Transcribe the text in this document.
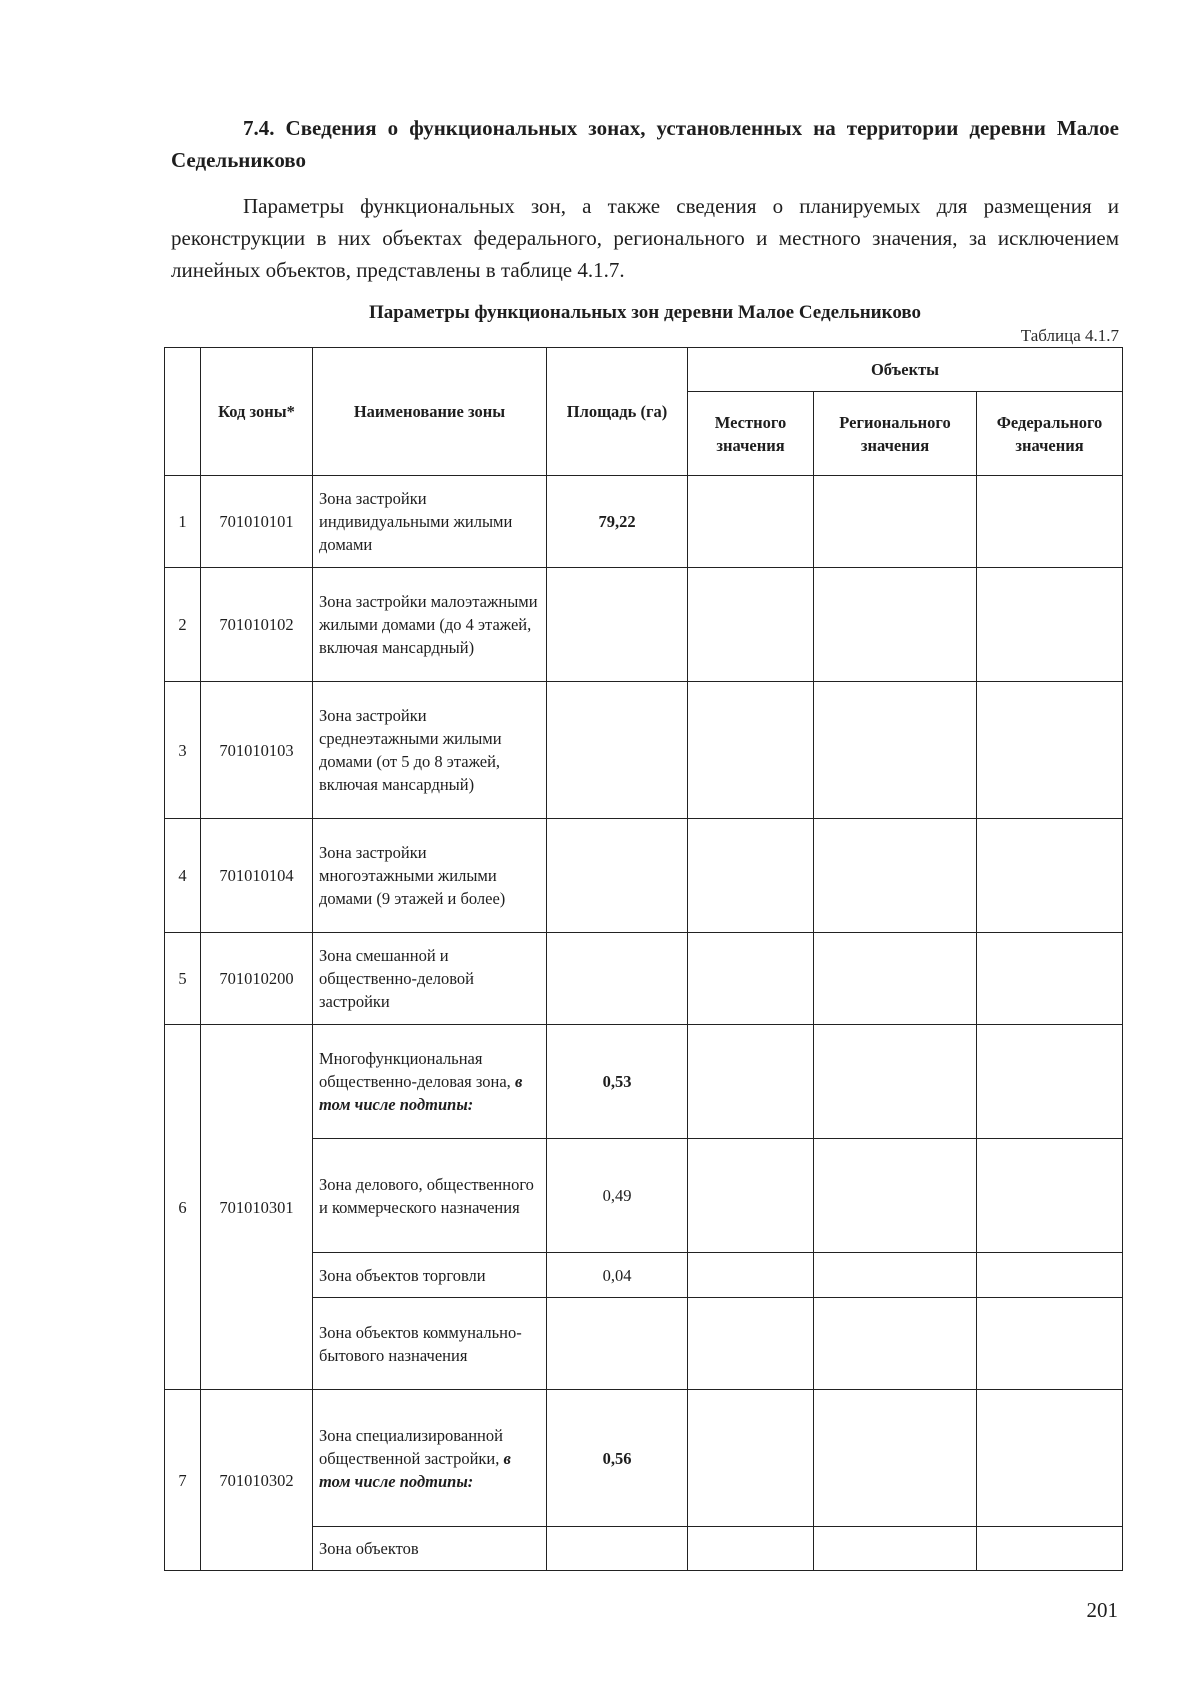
7.4. Сведения о функциональных зонах, установленных на территории деревни Малое Седельниково
Параметры функциональных зон, а также сведения о планируемых для размещения и реконструкции в них объектах федерального, регионального и местного значения, за исключением линейных объектов, представлены в таблице 4.1.7.
Параметры функциональных зон деревни Малое Седельниково
Таблица 4.1.7
	Код зоны*	Наименование зоны	Площадь (га)	Объекты		
				Местного значения	Регионального значения	Федерального значения
1	701010101	Зона застройки индивидуальными жилыми домами	79,22			
2	701010102	Зона застройки малоэтажными жилыми домами (до 4 этажей, включая мансардный)				
3	701010103	Зона застройки среднеэтажными жилыми домами (от 5 до 8 этажей, включая мансардный)				
4	701010104	Зона застройки многоэтажными жилыми домами (9 этажей и более)				
5	701010200	Зона смешанной и общественно-деловой застройки				
6	701010301	Многофункциональная общественно-деловая зона, в том числе подтипы:	0,53			
		Зона делового, общественного и коммерческого назначения	0,49			
		Зона объектов торговли	0,04			
		Зона объектов коммунально-бытового назначения				
7	701010302	Зона специализированной общественной застройки, в том числе подтипы:	0,56			
		Зона объектов				
201
